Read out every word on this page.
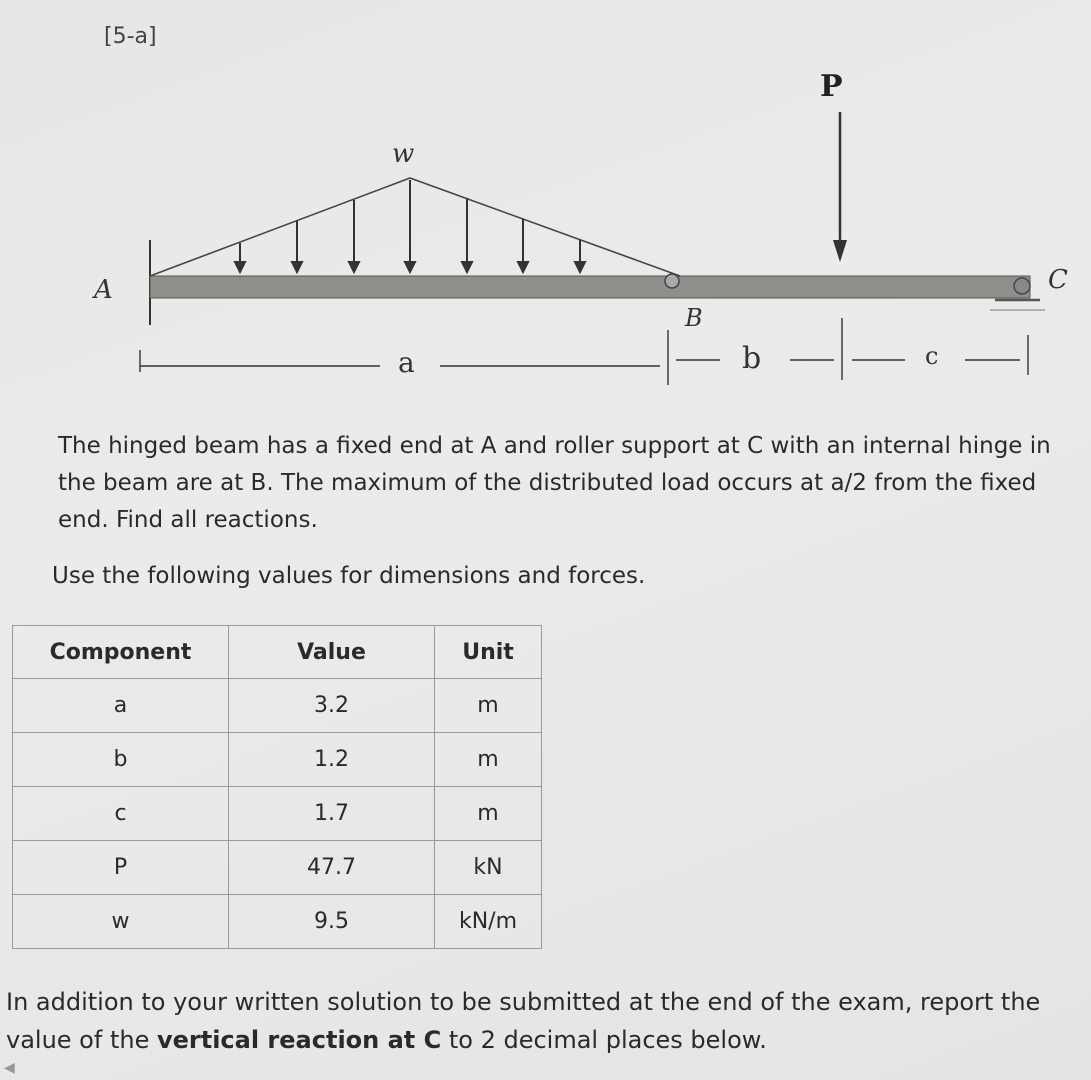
[5-a]
A
w
P
B
C
a	b	c
The hinged beam has a fixed end at A and roller support at C with an internal hinge in the beam are at B. The maximum of the distributed load occurs at a/2 from the fixed end. Find all reactions.
Use the following values for dimensions and forces.
Component	Value	Unit
a	3.2	m
b	1.2	m
c	1.7	m
P	47.7	kN
w	9.5	kN/m
In addition to your written solution to be submitted at the end of the exam, report the value of the vertical reaction at C to 2 decimal places below.
◀
